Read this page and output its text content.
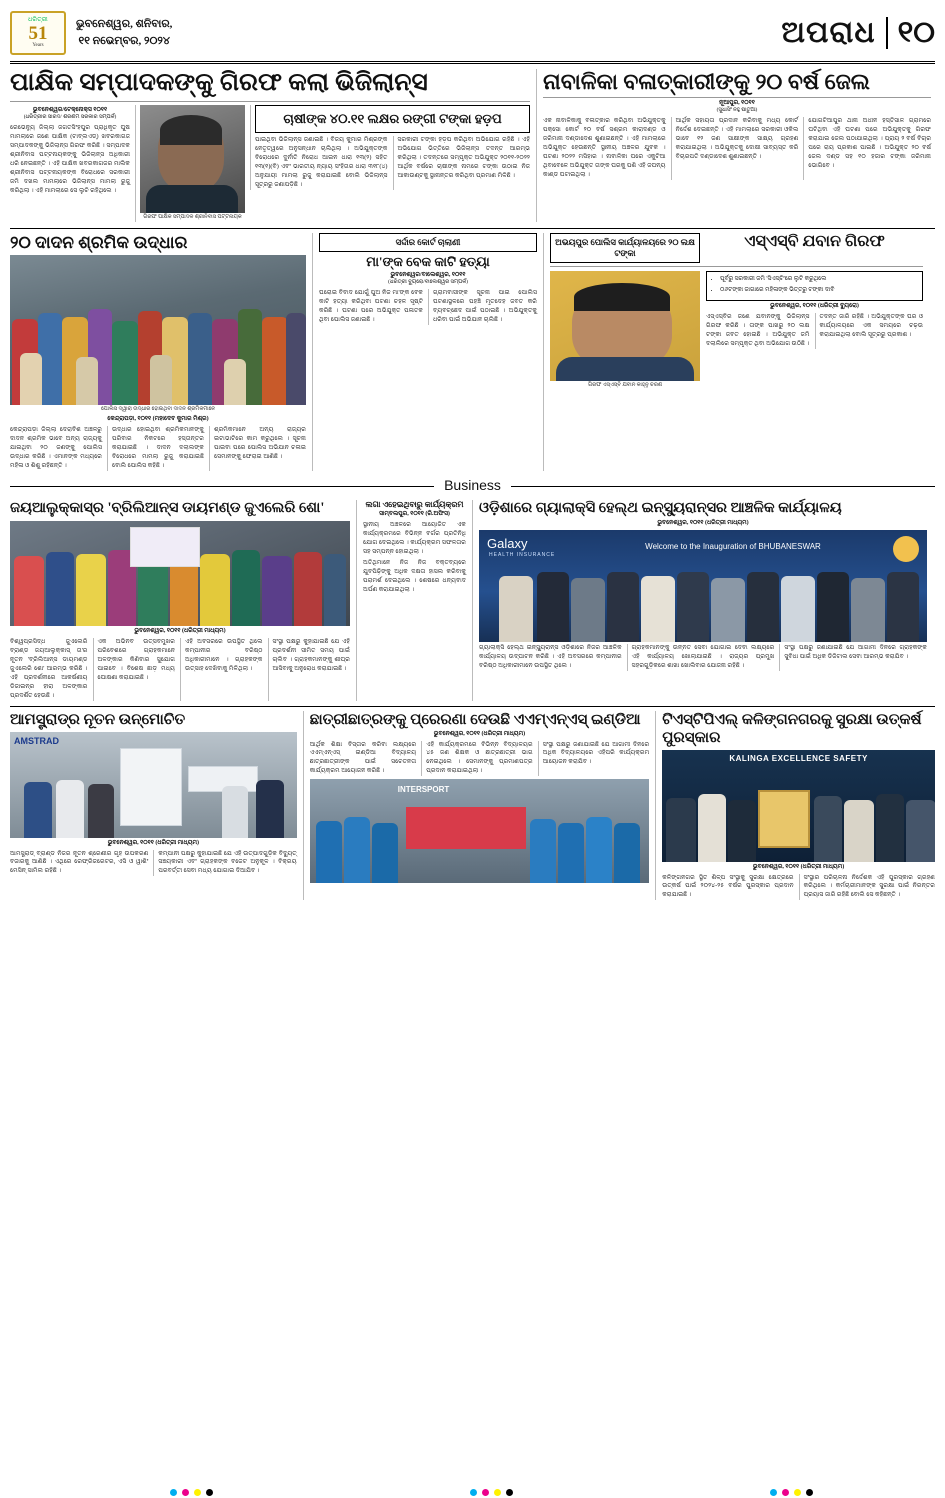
ଧରିତ୍ରୀ
51
Years
ଭୁବନେଶ୍ୱର, ଶନିବାର,
୧୧ ନଭେମ୍ବର, ୨୦୨୪	ଅପରାଧ ୧୦
ପାକ୍ଷିକ ସମ୍ପାଦକଙ୍କୁ ଗିରଫ କଲା ଭିଜିଲାନ୍ସ
ଭୁବନେଶ୍ୱର/ଟେକ୍ନୋକ୍ସ ୧୦୧୧
(ଧରିତ୍ରୀର ସାରଦ/ ଶରଣମ ସରକାର ସମ୍ପର୍କ)
ରେଭେନ୍ୟୁ ଜିଲ୍ଲା ଜଗତସିଂହପୁର ପ୍ରାଧିକୃତ ଘୁଷ ମାମଲାରେ ଜଣେ ପାକ୍ଷିକ (ଟାବ୍ଲଏଡ୍‌) ଖବରକାଗଜ ସମ୍ପାଦକଙ୍କୁ ଭିଜିଲାନ୍ସ ଗିରଫ କରିଛି । ସମ୍ପାଦକ ଶ୍ରୀନିବାସ ପଟ୍ଟନାୟକଙ୍କୁ ଭିଜିଲାନ୍ସ ଅଧିକାରୀ ଧରି ନେଇଛନ୍ତି । ଏହି ପାକ୍ଷିକ ଖବରକାଗଜର ମାଲିକ ଶ୍ରୀନିବାସ ପଟ୍ଟନାୟକଙ୍କ ବିରୋଧରେ ସରକାରୀ ଜମି ଦଖଲ ମାମଲାରେ ଭିଜିଲାନ୍ସ ମାମଲା ରୁଜୁ କରିଥିଲା । ଏହି ମାମଲାରେ ସେ ଲୁଚି ରହିଥିଲେ ।
ଗିରଫ ପାକ୍ଷିକ ସମ୍ପାଦକ ଶ୍ରୀନିବାସ ପଟ୍ଟନାୟକ
ଚାଷୀଙ୍କ ୪୦.୧୧ ଲକ୍ଷର ରଙ୍ଗୀ ଟଙ୍କା ହଡ଼ପ
ପାଇଥିବା ଭିଜିଲାନ୍ସ ଜଣାଇଛି । ବିଜୟ କୁମାର ମିଶ୍ରଙ୍କ ନେତୃତ୍ୱରେ ଅନୁସନ୍ଧାନ ଚାଲିଥିଲା । ଅଭିଯୁକ୍ତଙ୍କ ବିରୋଧରେ ଦୁର୍ନୀତି ନିରୋଧ ଆଇନ ଧାରା ୧୩(୨) ସହିତ ୧୩(୧)(ବି) ଏବଂ ଭାରତୀୟ ନ୍ୟାୟ ସଂହିତାର ଧାରା ୩୧୮(୪) ଅନୁଯାୟୀ ମାମଲା ରୁଜୁ କରାଯାଇଛି ବୋଲି ଭିଜିଲାନ୍ସ ସୂତ୍ରରୁ ଜଣାପଡ଼ିଛି ।
ସରକାରୀ ଟଙ୍କା ହଡ଼ପ କରିଥିବା ଅଭିଯୋଗ ରହିଛି । ଏହି ଅଭିଯୋଗ ଭିତ୍ତିରେ ଭିଜିଲାନ୍ସ ତଦନ୍ତ ଆରମ୍ଭ କରିଥିଲା । ତଦନ୍ତରେ ସମ୍ପୃକ୍ତ ଅଭିଯୁକ୍ତ ୨୦୧୧-୨୦୨୨ ଆର୍ଥିକ ବର୍ଷରେ ଚାଷୀଙ୍କ ନାମରେ ଟଙ୍କା ଉଠାଇ ନିଜ ଆକାଉଣ୍ଟକୁ ସ୍ଥାନାନ୍ତର କରିଥିବା ପ୍ରମାଣ ମିଳିଛି ।
ନାବାଳିକା ବଳାତ୍କାରୀଙ୍କୁ ୨୦ ବର୍ଷ ଜେଲ
ନୂଆପୁର, ୧୦୧୧
(ସୁଧାସିଂ ନହୁ ଷାତୁଆ)
ଏକ ନାବାଳିକାକୁ ବଳାତ୍କାର କରିଥିବା ଅଭିଯୁକ୍ତକୁ ପକ୍‌ସୋ କୋର୍ଟ ୨୦ ବର୍ଷ ସଶ୍ରମ କାରାଦଣ୍ଡ ଓ ଜରିମାନା ଦଣ୍ଡାଦେଶ ଶୁଣାଇଛନ୍ତି । ଏହି ମାମଲାରେ ଅଭିଯୁକ୍ତ ହେଉଛନ୍ତି ସ୍ଥାନୀୟ ଅଞ୍ଚଳର ଯୁବକ । ଘଟଣା ୨୦୨୨ ମସିହାର । ନାବାଳିକା ଘରେ ଏକୁଟିଆ ଥିବାବେଳେ ଅଭିଯୁକ୍ତ ତାଙ୍କ ଘରକୁ ପଶି ଏହି ଜଘନ୍ୟ କାଣ୍ଡ ଘଟାଇଥିଲା ।
ଆର୍ଥିକ ସହାୟତା ପ୍ରଦାନ କରିବାକୁ ମଧ୍ୟ କୋର୍ଟ ନିର୍ଦ୍ଦେଶ ଦେଇଛନ୍ତି । ଏହି ମାମଲାରେ ସରକାରୀ ଓକିଲ ଭାବେ ୧୨ ଜଣ ସାକ୍ଷୀଙ୍କ ସାକ୍ଷ୍ୟ ଗ୍ରହଣ କରାଯାଇଥିଲା । ଅଭିଯୁକ୍ତକୁ ଦୋଷୀ ସାବ୍ୟସ୍ତ କରି ବିଚାରପତି ଦଣ୍ଡାଦେଶ ଶୁଣାଇଛନ୍ତି ।
ଯୋଗଟିଆପୁର ଥାନା ଅଧୀନ ହସ୍ତିସାଳ ଗ୍ରାମରେ ଘଟିଥିବା ଏହି ଘଟଣା ପରେ ଅଭିଯୁକ୍ତକୁ ଗିରଫ କରାଯାଇ ଜେଲ ପଠାଯାଇଥିଲା । ପ୍ରାୟ ୨ ବର୍ଷ ବିଚାର ପରେ ରାୟ ପ୍ରକାଶ ପାଇଛି । ଅଭିଯୁକ୍ତ ୨୦ ବର୍ଷ ଜେଲ ଦଣ୍ଡ ସହ ୧୦ ହଜାର ଟଙ୍କା ଜରିମାନା ଭୋଗିବେ ।
୨୦ ଦାଦନ ଶ୍ରମିକ ଉଦ୍ଧାର
ପୋଲିସ ଦ୍ୱାରା ଉଦ୍ଧାର ହୋଇଥିବା ଦାଦନ ଶ୍ରମିକମାନେ
କେନ୍ଦ୍ରାପଡ଼ା, ୧୦୧୧ (ମହାଦେବ କୁମାର ମିଶ୍ର)
କେନ୍ଦ୍ରାପଡ଼ା ଜିଲ୍ଲା ଦେରାବିଶ ଅଞ୍ଚଳରୁ ଦାଦନ ଶ୍ରମିକ ଭାବେ ଅନ୍ୟ ରାଜ୍ୟକୁ ଯାଇଥିବା ୨୦ ଜଣଙ୍କୁ ପୋଲିସ ଉଦ୍ଧାର କରିଛି । ଏମାନଙ୍କ ମଧ୍ୟରେ ମହିଳା ଓ ଶିଶୁ ରହିଛନ୍ତି ।
ଉଦ୍ଧାର ହୋଇଥିବା ଶ୍ରମିକମାନଙ୍କୁ ପରିବାର ନିକଟରେ ହସ୍ତାନ୍ତର କରାଯାଇଛି । ଦାଦନ ଦଲାଲଙ୍କ ବିରୋଧରେ ମାମଲା ରୁଜୁ କରାଯାଇଛି ବୋଲି ପୋଲିସ କହିଛି ।
ଶ୍ରମିକମାନେ ଅନ୍ୟ ରାଜ୍ୟର ଇଟାଭାଟିରେ କାମ କରୁଥିଲେ । ସୂଚନା ପାଇବା ପରେ ପୋଲିସ ଅଭିଯାନ ଚଳାଇ ସେମାନଙ୍କୁ ଫେରାଇ ଆଣିଛି ।
ସର୍ଦ୍ଦାର କୋର୍ଟ ଚାଲାଣୀ
ମା'ଙ୍କ ବେକ କାଟି ହତ୍ୟା
ଭୁବନେଶ୍ୱର/ବାଲେଶ୍ୱର, ୧୦୧୧
(ଧରିତ୍ରୀ ବ୍ୟୁରୋ/ବାଲେଶ୍ୱର ସମ୍ପର୍କ)
ଘରୋଇ ବିବାଦ ଯୋଗୁଁ ପୁଅ ନିଜ ମା'ଙ୍କ ବେକ କାଟି ହତ୍ୟା କରିଥିବା ଘଟଣା ଚହଳ ସୃଷ୍ଟି କରିଛି । ଘଟଣା ପରେ ଅଭିଯୁକ୍ତ ପଳାତକ ଥିବା ପୋଲିସ ଜଣାଇଛି ।
ଗ୍ରାମବାସୀଙ୍କ ସୂଚନା ପାଇ ପୋଲିସ ଘଟଣାସ୍ଥଳରେ ପହଞ୍ଚି ମୃତଦେହ ଜବତ କରି ବ୍ୟବଚ୍ଛେଦ ପାଇଁ ପଠାଇଛି । ଅଭିଯୁକ୍ତକୁ ଧରିବା ପାଇଁ ଅଭିଯାନ ଚାଲିଛି ।
ଅଭୟପୁର ପୋଲିସ କାର୍ଯ୍ୟାଳୟରେ ୨୦ ଲକ୍ଷ ଟଙ୍କା
ଏସ୍‌ଏସ୍‌ବି ଯବାନ ଗିରଫ
ଗିରଫ ଏସ୍‌ଏସ୍‌ବି ଯବାନ କାହ୍ନୁ ଚରଣ
• ପୂର୍ବରୁ ସରକାରୀ ଜମି 'ସିଏସ୍‌ଟି'ରେ ଲୁଟି କରୁଥିଲେ
• ୦୬ଟଙ୍କା ଜାଗାରେ ମହିଳାଙ୍କ ଭିତ୍ତରୁ ଟଙ୍କା ଦାବି
ଭୁବନେଶ୍ୱର, ୧୦୧୧ (ଧରିତ୍ରୀ ବ୍ୟୁରୋ)
ଏସ୍‌ଏସ୍‌ବିର ଜଣେ ଯବାନଙ୍କୁ ଭିଜିଲାନ୍ସ ଗିରଫ କରିଛି । ତାଙ୍କ ପାଖରୁ ୨୦ ଲକ୍ଷ ଟଙ୍କା ଜବତ ହୋଇଛି । ଅଭିଯୁକ୍ତ ଜମି ଦଲାଲିରେ ସମ୍ପୃକ୍ତ ଥିବା ଅଭିଯୋଗ ଉଠିଛି ।
ତଦନ୍ତ ଜାରି ରହିଛି । ଅଭିଯୁକ୍ତଙ୍କ ଘର ଓ କାର୍ଯ୍ୟାଳୟରେ ଏକ ସମୟରେ ଚଢ଼ଉ କରାଯାଇଥିଲା ବୋଲି ସୂତ୍ରରୁ ପ୍ରକାଶ ।
Business
ଜୟଆଲୁକ୍କାସ୍‌ର 'ବ୍ରିଲିଆନ୍ସ ଡାୟମଣ୍ଡ ଜୁଏଲେରି ଶୋ'
ଭୁବନେଶ୍ୱର, ୧୦୧୧ (ଧରିତ୍ରୀ ମାଧ୍ୟମ)
ବିଶ୍ୱପ୍ରସିଦ୍ଧ ଜୁଏଲେରି ବ୍ରାଣ୍ଡ ଜୟଆଲୁକ୍କାସ୍ ତା'ର ନୂତନ 'ବ୍ରିଲିଆନ୍ସ ଡାୟମଣ୍ଡ ଜୁଏଲେରି ଶୋ' ଆରମ୍ଭ କରିଛି । ଏହି ପ୍ରଦର୍ଶନୀରେ ଆକର୍ଷଣୀୟ ଡିଜାଇନ୍‌ର ହୀରା ଅଳଙ୍କାର ପ୍ରଦର୍ଶିତ ହେଉଛି ।
ଏକ ଅଭିନବ ଉତ୍ସବମୁଖର ପରିବେଶରେ ଗ୍ରାହକମାନେ ଅଳଙ୍କାର କିଣିବାର ସୁଯୋଗ ପାଇବେ । ବିଶେଷ ଛାଡ଼ ମଧ୍ୟ ଘୋଷଣା କରାଯାଇଛି ।
ଏହି ଅବସରରେ ଉପସ୍ଥିତ ଥିଲେ କମ୍ପାନୀର ବରିଷ୍ଠ ଅଧିକାରୀମାନେ । ଗ୍ରାହକଙ୍କ ଉତ୍ସାହ ଦେଖିବାକୁ ମିଳିଥିଲା ।
ସଂସ୍ଥା ପକ୍ଷରୁ କୁହାଯାଇଛି ଯେ ଏହି ପ୍ରଦର୍ଶନୀ ସୀମିତ ସମୟ ପାଇଁ ଚାଲିବ । ଗ୍ରାହକମାନଙ୍କୁ ଶୀଘ୍ର ଆସିବାକୁ ଅନୁରୋଧ କରାଯାଇଛି ।
ଲଗା ଏହେଇଥିବାରୁ କାର୍ଯ୍ୟକ୍ରମ
ସାମ୍ବଲପୁର, ୧୦୧୧ (ରି.ଅଫିସ)
ସ୍ଥାନୀୟ ଅଞ୍ଚଳରେ ଆୟୋଜିତ ଏକ କାର୍ଯ୍ୟକ୍ରମରେ ବିଭିନ୍ନ ବର୍ଗର ପ୍ରତିନିଧି ଯୋଗ ଦେଇଥିଲେ । କାର୍ଯ୍ୟକ୍ରମ ସଫଳତାର ସହ ସମ୍ପନ୍ନ ହୋଇଥିଲା ।
ଅତିଥିମାନେ ନିଜ ନିଜ ବକ୍ତବ୍ୟରେ ଯୁବପିଢ଼ିଙ୍କୁ ଅଧିକ ଦକ୍ଷତା ହାସଲ କରିବାକୁ ପରାମର୍ଶ ଦେଇଥିଲେ । ଶେଷରେ ଧନ୍ୟବାଦ ଅର୍ପଣ କରାଯାଇଥିଲା ।
ଓଡ଼ିଶାରେ ଗ୍ୟାଲାକ୍ସି ହେଲ୍ଥ ଇନ୍‌ସ୍ୟୁରାନ୍ସର ଆଞ୍ଚଳିକ କାର୍ଯ୍ୟାଳୟ
ଭୁବନେଶ୍ୱର, ୧୦୧୧ (ଧରିତ୍ରୀ ମାଧ୍ୟମ)
Galaxy
HEALTH INSURANCE
Welcome to the Inauguration of BHUBANESWAR
ଗ୍ୟାଲାକ୍ସି ହେଲ୍ଥ ଇନ୍‌ସ୍ୟୁରାନ୍ସ ଓଡ଼ିଶାରେ ନିଜର ଆଞ୍ଚଳିକ କାର୍ଯ୍ୟାଳୟ ଉଦ୍‌ଘାଟନ କରିଛି । ଏହି ଅବସରରେ କମ୍ପାନୀର ବରିଷ୍ଠ ଅଧିକାରୀମାନେ ଉପସ୍ଥିତ ଥିଲେ ।
ଗ୍ରାହକମାନଙ୍କୁ ଉନ୍ନତ ସେବା ଯୋଗାଇ ଦେବା ଲକ୍ଷ୍ୟରେ ଏହି କାର୍ଯ୍ୟାଳୟ ଖୋଲାଯାଇଛି । ରାଜ୍ୟର ପ୍ରମୁଖ ସହରଗୁଡ଼ିକରେ ଶାଖା ଖୋଲିବାର ଯୋଜନା ରହିଛି ।
ସଂସ୍ଥା ପକ୍ଷରୁ ଜଣାଯାଇଛି ଯେ ଆଗାମୀ ଦିନରେ ଗ୍ରାହକଙ୍କ ସୁବିଧା ପାଇଁ ଅଧିକ ଡିଜିଟାଲ ସେବା ଆରମ୍ଭ କରାଯିବ ।
ଆମସ୍ଟ୍ରାଡ୍‌ର ନୂତନ ଉନ୍ମୋଚିତ
AMSTRAD
ଭୁବନେଶ୍ୱର, ୧୦୧୧ (ଧରିତ୍ରୀ ମାଧ୍ୟମ)
ଆମସ୍ଟ୍ରାଡ୍ ବ୍ରାଣ୍ଡ ନିଜର ନୂତନ ଶ୍ରେଣୀର ଗୃହ ଉପକରଣ ବଜାରକୁ ଆଣିଛି । ଏଥିରେ ରେଫ୍ରିଜରେଟର, ଏସି ଓ ୱାଶିଂ ମେସିନ୍ ସାମିଲ ରହିଛି ।
କମ୍ପାନୀ ପକ୍ଷରୁ କୁହାଯାଇଛି ଯେ ଏହି ଉତ୍ପାଦଗୁଡ଼ିକ ବିଦ୍ୟୁତ୍ ସଞ୍ଚୟକାରୀ ଏବଂ ଗ୍ରାହକଙ୍କ ବଜେଟ ଅନୁକୂଳ । ବିକ୍ରୟ ପରବର୍ତ୍ତୀ ସେବା ମଧ୍ୟ ଯୋଗାଇ ଦିଆଯିବ ।
ଛାତ୍ରୀଛାତ୍ରଙ୍କୁ ପ୍ରେରଣା ଦେଉଛି ଏଏମ୍‌ଏନ୍‌ଏସ୍ ଇଣ୍ଡିଆ
ଭୁବନେଶ୍ୱର, ୧୦୧୧ (ଧରିତ୍ରୀ ମାଧ୍ୟମ)
ଆର୍ଥିକ ଶିକ୍ଷା ବିସ୍ତାର କରିବା ଲକ୍ଷ୍ୟରେ ଏଏମ୍‌ଏନ୍‌ଏସ୍ ଇଣ୍ଡିଆ ବିଦ୍ୟାଳୟ ଛାତ୍ରଛାତ୍ରୀଙ୍କ ପାଇଁ ସଚେତନତା କାର୍ଯ୍ୟକ୍ରମ ଆୟୋଜନ କରିଛି ।
ଏହି କାର୍ଯ୍ୟକ୍ରମରେ ବିଭିନ୍ନ ବିଦ୍ୟାଳୟର ୪୫ ଜଣ ଶିକ୍ଷକ ଓ ଛାତ୍ରଛାତ୍ରୀ ଭାଗ ନେଇଥିଲେ । ସେମାନଙ୍କୁ ପ୍ରମାଣପତ୍ର ପ୍ରଦାନ କରାଯାଇଥିଲା ।
ସଂସ୍ଥା ପକ୍ଷରୁ ଜଣାଯାଇଛି ଯେ ଆଗାମୀ ଦିନରେ ଅଧିକ ବିଦ୍ୟାଳୟରେ ଏହିପରି କାର୍ଯ୍ୟକ୍ରମ ଆୟୋଜନ କରାଯିବ ।
INTERSPORT
ଟିଏସ୍‌ଟିପିଏଲ୍ କଳିଙ୍ଗନଗରକୁ ସୁରକ୍ଷା ଉତ୍କର୍ଷ ପୁରସ୍କାର
KALINGA EXCELLENCE SAFETY
ଭୁବନେଶ୍ୱର, ୧୦୧୧ (ଧରିତ୍ରୀ ମାଧ୍ୟମ)
କଳିଙ୍ଗନଗର ସ୍ଥିତ ଶିଳ୍ପ ସଂସ୍ଥାକୁ ସୁରକ୍ଷା କ୍ଷେତ୍ରରେ ଉତ୍କର୍ଷ ପାଇଁ ୨୦୨୪-୨୫ ବର୍ଷର ପୁରସ୍କାର ପ୍ରଦାନ କରାଯାଇଛି ।
ସଂସ୍ଥାର ପରିଚାଳନା ନିର୍ଦ୍ଦେଶକ ଏହି ପୁରସ୍କାର ଗ୍ରହଣ କରିଥିଲେ । କର୍ମଚାରୀମାନଙ୍କ ସୁରକ୍ଷା ପାଇଁ ନିରନ୍ତର ପ୍ରୟାସ ଜାରି ରହିଛି ବୋଲି ସେ କହିଛନ୍ତି ।
